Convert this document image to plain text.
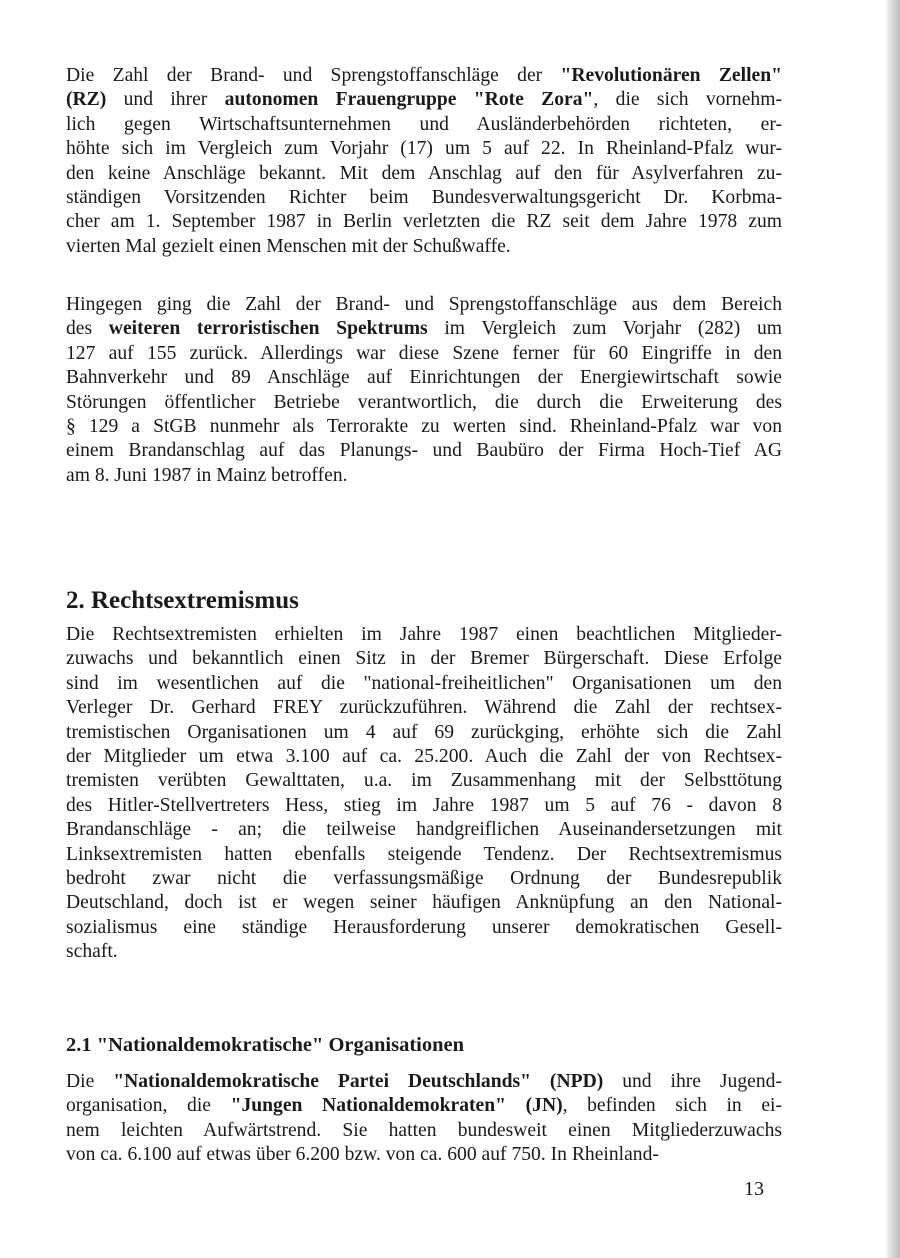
Die Zahl der Brand- und Sprengstoffanschläge der "Revolutionären Zellen"
(RZ) und ihrer autonomen Frauengruppe "Rote Zora", die sich vornehm-
lich gegen Wirtschaftsunternehmen und Ausländerbehörden richteten, er-
höhte sich im Vergleich zum Vorjahr (17) um 5 auf 22. In Rheinland-Pfalz wur-
den keine Anschläge bekannt. Mit dem Anschlag auf den für Asylverfahren zu-
ständigen Vorsitzenden Richter beim Bundesverwaltungsgericht Dr. Korbma-
cher am 1. September 1987 in Berlin verletzten die RZ seit dem Jahre 1978 zum
vierten Mal gezielt einen Menschen mit der Schußwaffe.
Hingegen ging die Zahl der Brand- und Sprengstoffanschläge aus dem Bereich
des weiteren terroristischen Spektrums im Vergleich zum Vorjahr (282) um
127 auf 155 zurück. Allerdings war diese Szene ferner für 60 Eingriffe in den
Bahnverkehr und 89 Anschläge auf Einrichtungen der Energiewirtschaft sowie
Störungen öffentlicher Betriebe verantwortlich, die durch die Erweiterung des
§ 129 a StGB nunmehr als Terrorakte zu werten sind. Rheinland-Pfalz war von
einem Brandanschlag auf das Planungs- und Baubüro der Firma Hoch-Tief AG
am 8. Juni 1987 in Mainz betroffen.
2. Rechtsextremismus
Die Rechtsextremisten erhielten im Jahre 1987 einen beachtlichen Mitglieder-
zuwachs und bekanntlich einen Sitz in der Bremer Bürgerschaft. Diese Erfolge
sind im wesentlichen auf die "national-freiheitlichen" Organisationen um den
Verleger Dr. Gerhard FREY zurückzuführen. Während die Zahl der rechtsex-
tremistischen Organisationen um 4 auf 69 zurückging, erhöhte sich die Zahl
der Mitglieder um etwa 3.100 auf ca. 25.200. Auch die Zahl der von Rechtsex-
tremisten verübten Gewalttaten, u.a. im Zusammenhang mit der Selbsttötung
des Hitler-Stellvertreters Hess, stieg im Jahre 1987 um 5 auf 76 - davon 8
Brandanschläge - an; die teilweise handgreiflichen Auseinandersetzungen mit
Linksextremisten hatten ebenfalls steigende Tendenz. Der Rechtsextremismus
bedroht zwar nicht die verfassungsmäßige Ordnung der Bundesrepublik
Deutschland, doch ist er wegen seiner häufigen Anknüpfung an den National-
sozialismus eine ständige Herausforderung unserer demokratischen Gesell-
schaft.
2.1 "Nationaldemokratische" Organisationen
Die "Nationaldemokratische Partei Deutschlands" (NPD) und ihre Jugend-
organisation, die "Jungen Nationaldemokraten" (JN), befinden sich in ei-
nem leichten Aufwärtstrend. Sie hatten bundesweit einen Mitgliederzuwachs
von ca. 6.100 auf etwas über 6.200 bzw. von ca. 600 auf 750. In Rheinland-
13
